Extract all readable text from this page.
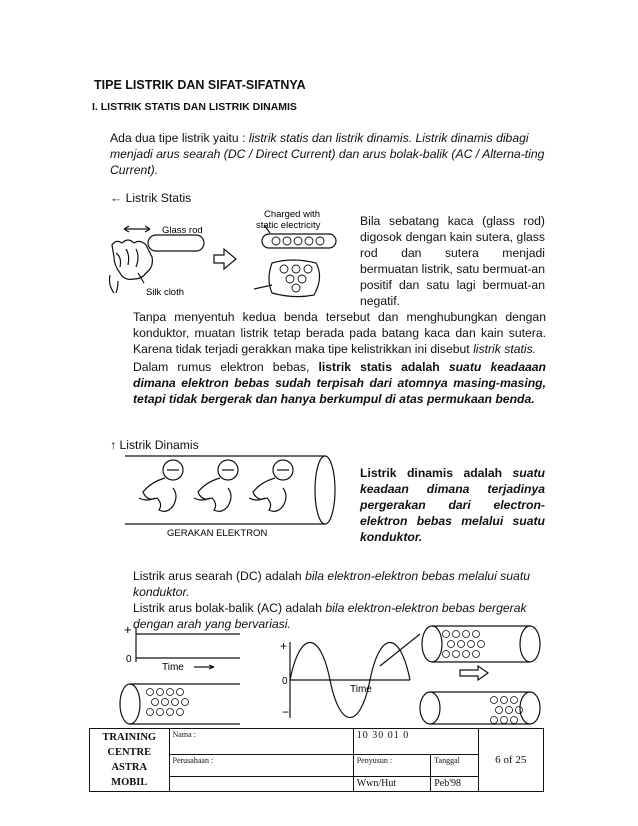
TIPE LISTRIK DAN SIFAT-SIFATNYA
I. LISTRIK STATIS DAN LISTRIK DINAMIS
Ada dua tipe listrik yaitu : listrik statis dan listrik dinamis. Listrik dinamis dibagi menjadi arus searah (DC / Direct Current) dan arus bolak-balik (AC / Alterna-ting Current).
← Listrik Statis
Glass rod
Silk cloth
Charged with
static electricity	Bila sebatang kaca (glass rod) digosok dengan kain sutera, glass rod dan sutera menjadi bermuatan listrik, satu bermuat-an positif dan satu lagi bermuat-an negatif.
Tanpa menyentuh kedua benda tersebut dan menghubungkan dengan konduktor, muatan listrik tetap berada pada batang kaca dan kain sutera. Karena tidak terjadi gerakkan maka tipe kelistrikkan ini disebut listrik statis.
Dalam rumus elektron bebas, listrik statis adalah suatu keadaaan dimana elektron bebas sudah terpisah dari atomnya masing-masing, tetapi tidak bergerak dan hanya berkumpul di atas permukaan benda.
↑ Listrik Dinamis
GERAKAN ELEKTRON
Listrik dinamis adalah suatu keadaan dimana terjadinya pergerakan dari electron-elektron bebas melalui suatu konduktor.
Listrik arus searah (DC) adalah bila elektron-elektron bebas melalui suatu konduktor.
Listrik arus bolak-balik (AC) adalah bila elektron-elektron bebas bergerak dengan arah yang bervariasi.
+
0
Time
+
0
−
Time
TRAINING
CENTRE
ASTRA MOBIL	Nama :	10 30 01 0		6 of 25
	Perusahaan :	Penyusun :	Tanggal	
		Wwn/Hut	Peb'98	
